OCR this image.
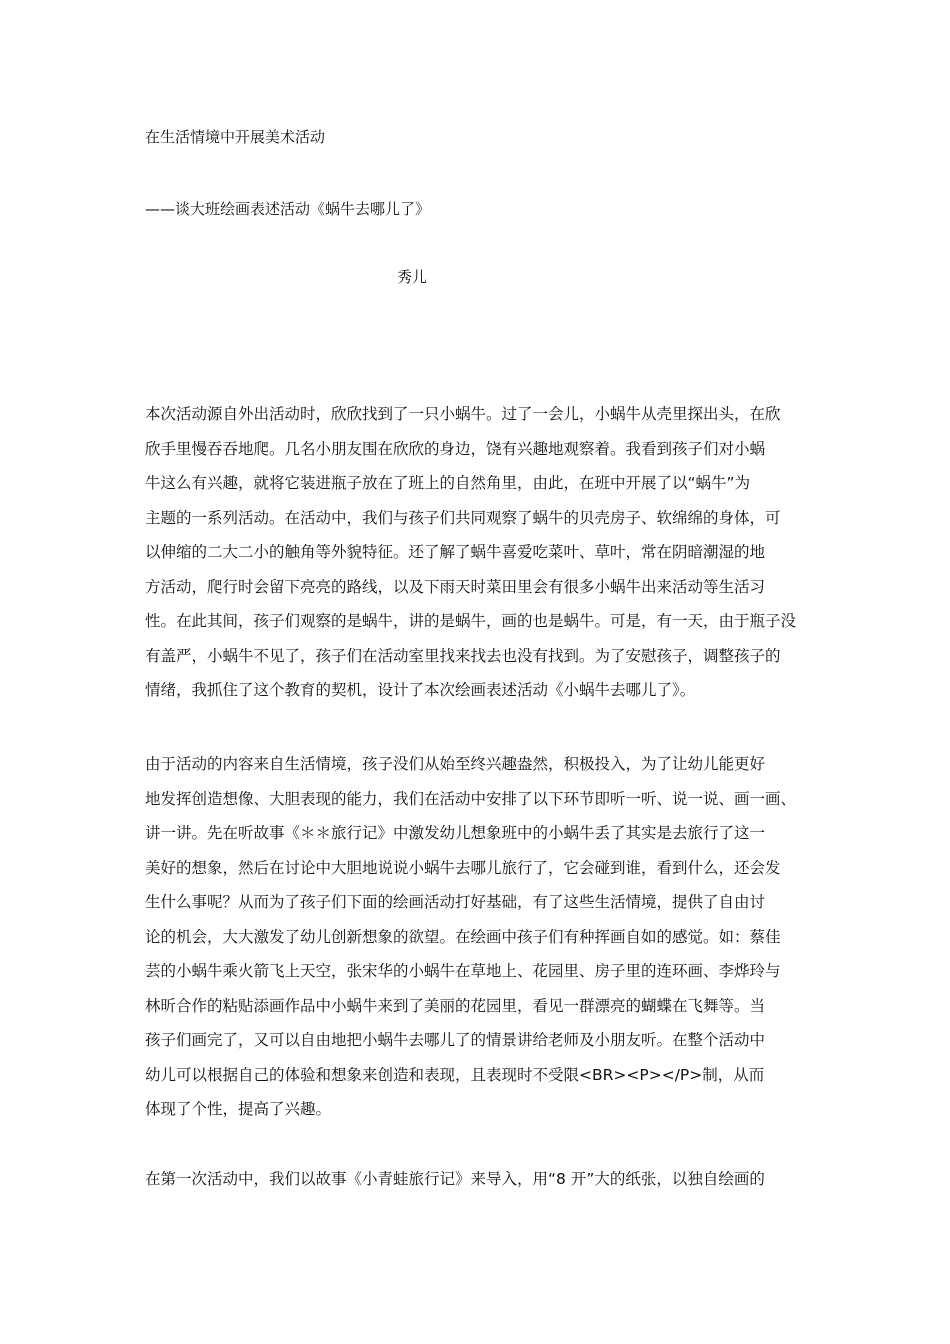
在生活情境中开展美术活动
——谈大班绘画表述活动《蜗牛去哪儿了》
秀儿
本次活动源自外出活动时，欣欣找到了一只小蜗牛。过了一会儿，小蜗牛从壳里探出头，在欣
欣手里慢吞吞地爬。几名小朋友围在欣欣的身边，饶有兴趣地观察着。我看到孩子们对小蜗
牛这么有兴趣，就将它装进瓶子放在了班上的自然角里，由此，在班中开展了以“蜗牛”为
主题的一系列活动。在活动中，我们与孩子们共同观察了蜗牛的贝壳房子、软绵绵的身体，可
以伸缩的二大二小的触角等外貌特征。还了解了蜗牛喜爱吃菜叶、草叶，常在阴暗潮湿的地
方活动，爬行时会留下亮亮的路线，以及下雨天时菜田里会有很多小蜗牛出来活动等生活习
性。在此其间，孩子们观察的是蜗牛，讲的是蜗牛，画的也是蜗牛。可是，有一天，由于瓶子没
有盖严，小蜗牛不见了，孩子们在活动室里找来找去也没有找到。为了安慰孩子，调整孩子的
情绪，我抓住了这个教育的契机，设计了本次绘画表述活动《小蜗牛去哪儿了》。
由于活动的内容来自生活情境，孩子没们从始至终兴趣盎然，积极投入，为了让幼儿能更好
地发挥创造想像、大胆表现的能力，我们在活动中安排了以下环节即听一听、说一说、画一画、
讲一讲。先在听故事《＊＊旅行记》中激发幼儿想象班中的小蜗牛丢了其实是去旅行了这一
美好的想象，然后在讨论中大胆地说说小蜗牛去哪儿旅行了，它会碰到谁，看到什么，还会发
生什么事呢？从而为了孩子们下面的绘画活动打好基础，有了这些生活情境，提供了自由讨
论的机会，大大激发了幼儿创新想象的欲望。在绘画中孩子们有种挥画自如的感觉。如：蔡佳
芸的小蜗牛乘火箭飞上天空，张宋华的小蜗牛在草地上、花园里、房子里的连环画、李烨玲与
林昕合作的粘贴添画作品中小蜗牛来到了美丽的花园里，看见一群漂亮的蝴蝶在飞舞等。当
孩子们画完了，又可以自由地把小蜗牛去哪儿了的情景讲给老师及小朋友听。在整个活动中
幼儿可以根据自己的体验和想象来创造和表现，且表现时不受限<BR><P></P>制，从而
体现了个性，提高了兴趣。
在第一次活动中，我们以故事《小青蛙旅行记》来导入，用“8 开”大的纸张，以独自绘画的
